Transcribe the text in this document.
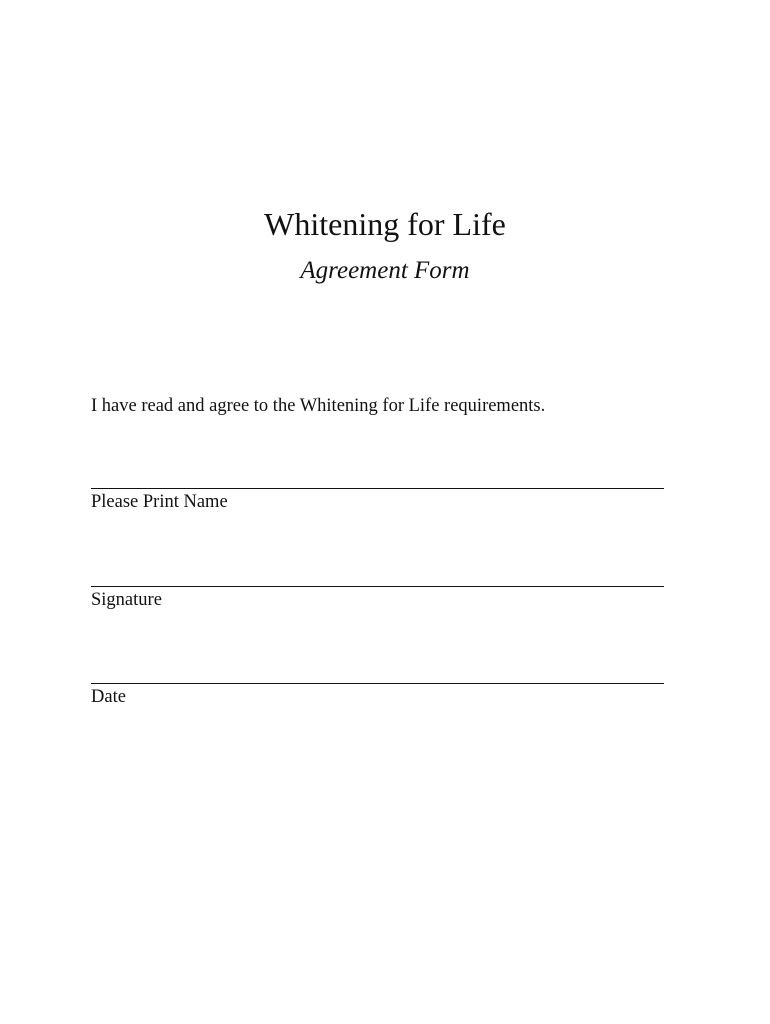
Whitening for Life
Agreement Form
I have read and agree to the Whitening for Life requirements.
Please Print Name
Signature
Date
